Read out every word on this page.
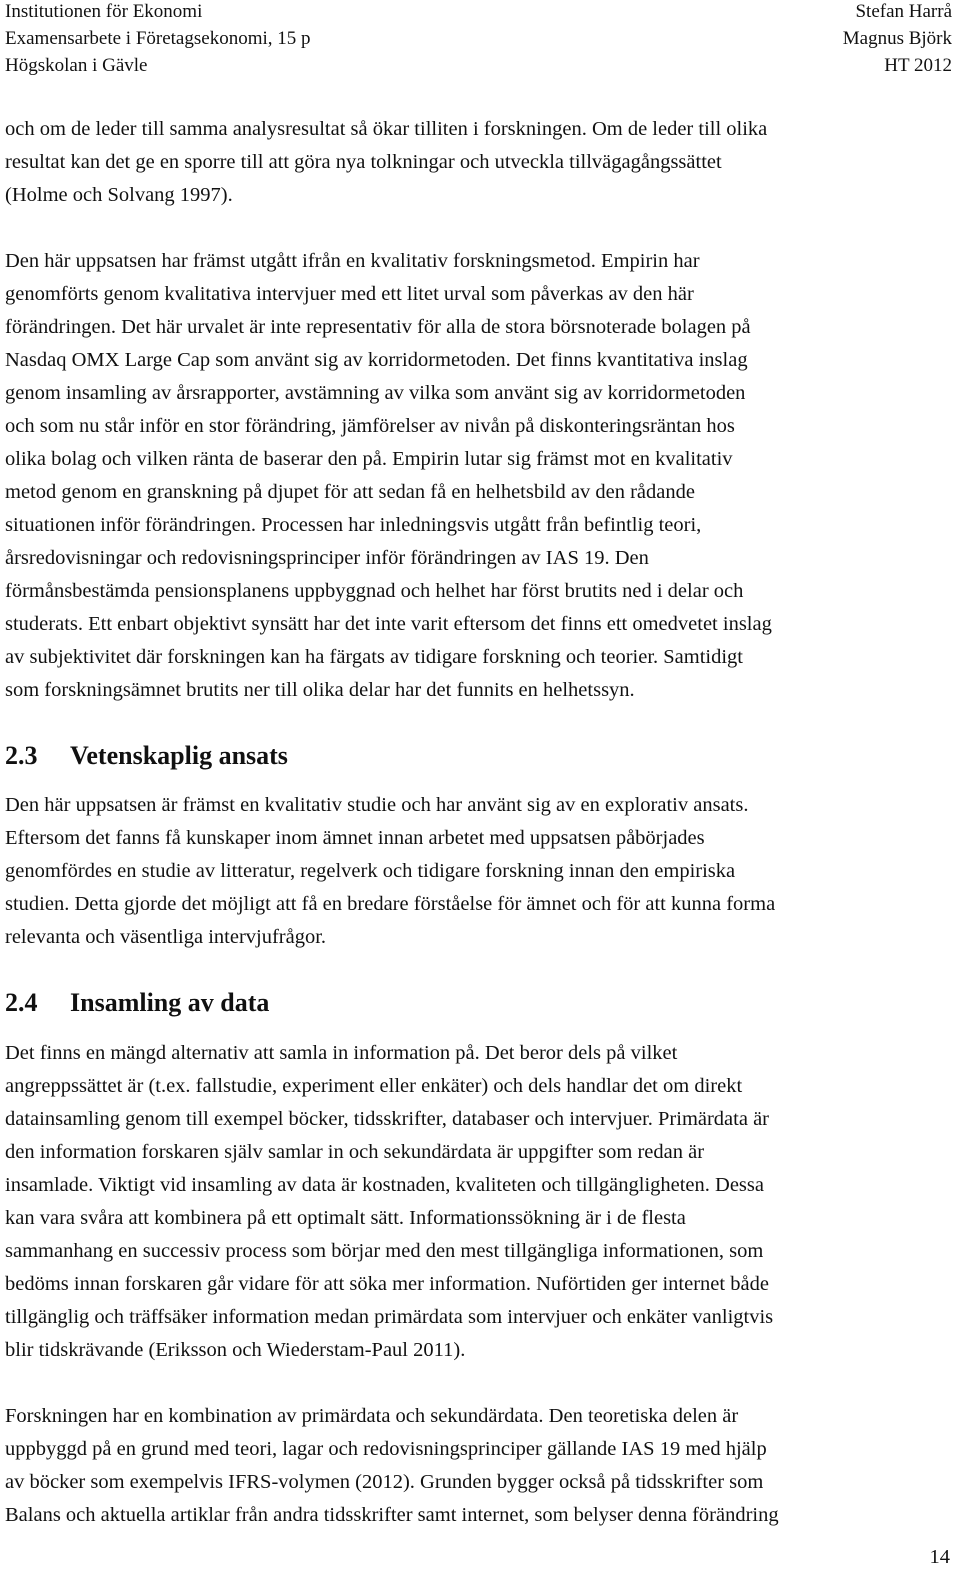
Institutionen för Ekonomi
Examensarbete i Företagsekonomi, 15 p
Högskolan i Gävle
Stefan Harrå
Magnus Björk
HT 2012

och om de leder till samma analysresultat så ökar tilliten i forskningen. Om de leder till olika
resultat kan det ge en sporre till att göra nya tolkningar och utveckla tillvägagångssättet
(Holme och Solvang 1997).

Den här uppsatsen har främst utgått ifrån en kvalitativ forskningsmetod. Empirin har
genomförts genom kvalitativa intervjuer med ett litet urval som påverkas av den här
förändringen. Det här urvalet är inte representativ för alla de stora börsnoterade bolagen på
Nasdaq OMX Large Cap som använt sig av korridormetoden. Det finns kvantitativa inslag
genom insamling av årsrapporter, avstämning av vilka som använt sig av korridormetoden
och som nu står inför en stor förändring, jämförelser av nivån på diskonteringsräntan hos
olika bolag och vilken ränta de baserar den på. Empirin lutar sig främst mot en kvalitativ
metod genom en granskning på djupet för att sedan få en helhetsbild av den rådande
situationen inför förändringen. Processen har inledningsvis utgått från befintlig teori,
årsredovisningar och redovisningsprinciper inför förändringen av IAS 19. Den
förmånsbestämda pensionsplanens uppbyggnad och helhet har först brutits ned i delar och
studerats. Ett enbart objektivt synsätt har det inte varit eftersom det finns ett omedvetet inslag
av subjektivitet där forskningen kan ha färgats av tidigare forskning och teorier. Samtidigt
som forskningsämnet brutits ner till olika delar har det funnits en helhetssyn.

2.3	Vetenskaplig ansats

Den här uppsatsen är främst en kvalitativ studie och har använt sig av en explorativ ansats.
Eftersom det fanns få kunskaper inom ämnet innan arbetet med uppsatsen påbörjades
genomfördes en studie av litteratur, regelverk och tidigare forskning innan den empiriska
studien. Detta gjorde det möjligt att få en bredare förståelse för ämnet och för att kunna forma
relevanta och väsentliga intervjufrågor.

2.4	Insamling av data

Det finns en mängd alternativ att samla in information på. Det beror dels på vilket
angreppssättet är (t.ex. fallstudie, experiment eller enkäter) och dels handlar det om direkt
datainsamling genom till exempel böcker, tidsskrifter, databaser och intervjuer. Primärdata är
den information forskaren själv samlar in och sekundärdata är uppgifter som redan är
insamlade. Viktigt vid insamling av data är kostnaden, kvaliteten och tillgängligheten. Dessa
kan vara svåra att kombinera på ett optimalt sätt. Informationssökning är i de flesta
sammanhang en successiv process som börjar med den mest tillgängliga informationen, som
bedöms innan forskaren går vidare för att söka mer information. Nuförtiden ger internet både
tillgänglig och träffsäker information medan primärdata som intervjuer och enkäter vanligtvis
blir tidskrävande (Eriksson och Wiederstam-Paul 2011).

Forskningen har en kombination av primärdata och sekundärdata. Den teoretiska delen är
uppbyggd på en grund med teori, lagar och redovisningsprinciper gällande IAS 19 med hjälp
av böcker som exempelvis IFRS-volymen (2012). Grunden bygger också på tidsskrifter som
Balans och aktuella artiklar från andra tidsskrifter samt internet, som belyser denna förändring

14
